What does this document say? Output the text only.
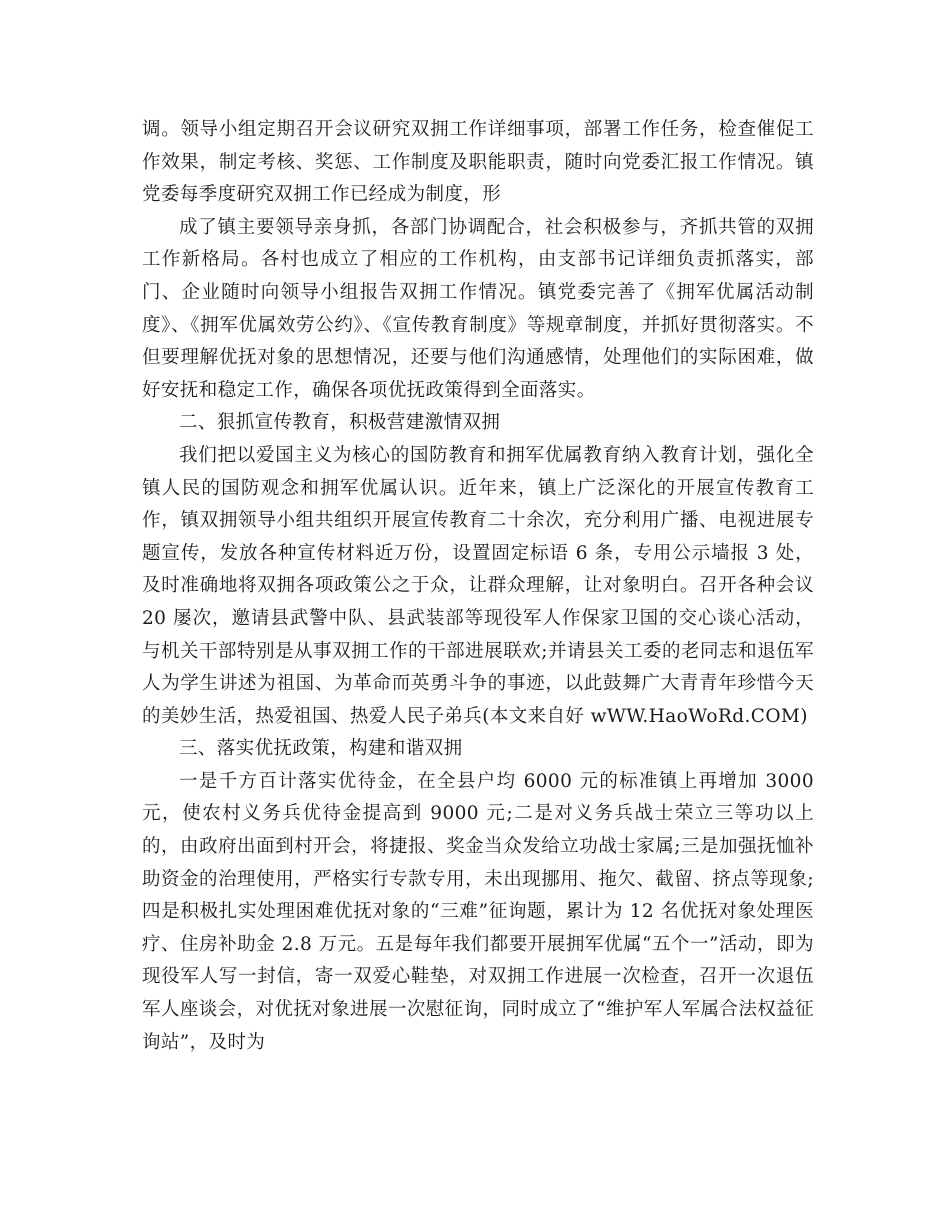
调。领导小组定期召开会议研究双拥工作详细事项，部署工作任务，检查催促工作效果，制定考核、奖惩、工作制度及职能职责，随时向党委汇报工作情况。镇党委每季度研究双拥工作已经成为制度，形

成了镇主要领导亲身抓，各部门协调配合，社会积极参与，齐抓共管的双拥工作新格局。各村也成立了相应的工作机构，由支部书记详细负责抓落实，部门、企业随时向领导小组报告双拥工作情况。镇党委完善了《拥军优属活动制度》、《拥军优属效劳公约》、《宣传教育制度》等规章制度，并抓好贯彻落实。不但要理解优抚对象的思想情况，还要与他们沟通感情，处理他们的实际困难，做好安抚和稳定工作，确保各项优抚政策得到全面落实。

二、狠抓宣传教育，积极营建激情双拥

我们把以爱国主义为核心的国防教育和拥军优属教育纳入教育计划，强化全镇人民的国防观念和拥军优属认识。近年来，镇上广泛深化的开展宣传教育工作，镇双拥领导小组共组织开展宣传教育二十余次，充分利用广播、电视进展专题宣传，发放各种宣传材料近万份，设置固定标语 6 条，专用公示墙报 3 处，及时准确地将双拥各项政策公之于众，让群众理解，让对象明白。召开各种会议 20 屡次，邀请县武警中队、县武装部等现役军人作保家卫国的交心谈心活动，与机关干部特别是从事双拥工作的干部进展联欢;并请县关工委的老同志和退伍军人为学生讲述为祖国、为革命而英勇斗争的事迹，以此鼓舞广大青青年珍惜今天的美妙生活，热爱祖国、热爱人民子弟兵(本文来自好 wWW.HaoWoRd.COM)

三、落实优抚政策，构建和谐双拥

一是千方百计落实优待金，在全县户均 6000 元的标准镇上再增加 3000 元，使农村义务兵优待金提高到 9000 元;二是对义务兵战士荣立三等功以上的，由政府出面到村开会，将捷报、奖金当众发给立功战士家属;三是加强抚恤补助资金的治理使用，严格实行专款专用，未出现挪用、拖欠、截留、挤点等现象;四是积极扎实处理困难优抚对象的“三难”征询题，累计为 12 名优抚对象处理医疗、住房补助金 2.8 万元。五是每年我们都要开展拥军优属“五个一”活动，即为现役军人写一封信，寄一双爱心鞋垫，对双拥工作进展一次检查，召开一次退伍军人座谈会，对优抚对象进展一次慰征询，同时成立了“维护军人军属合法权益征询站”，及时为
